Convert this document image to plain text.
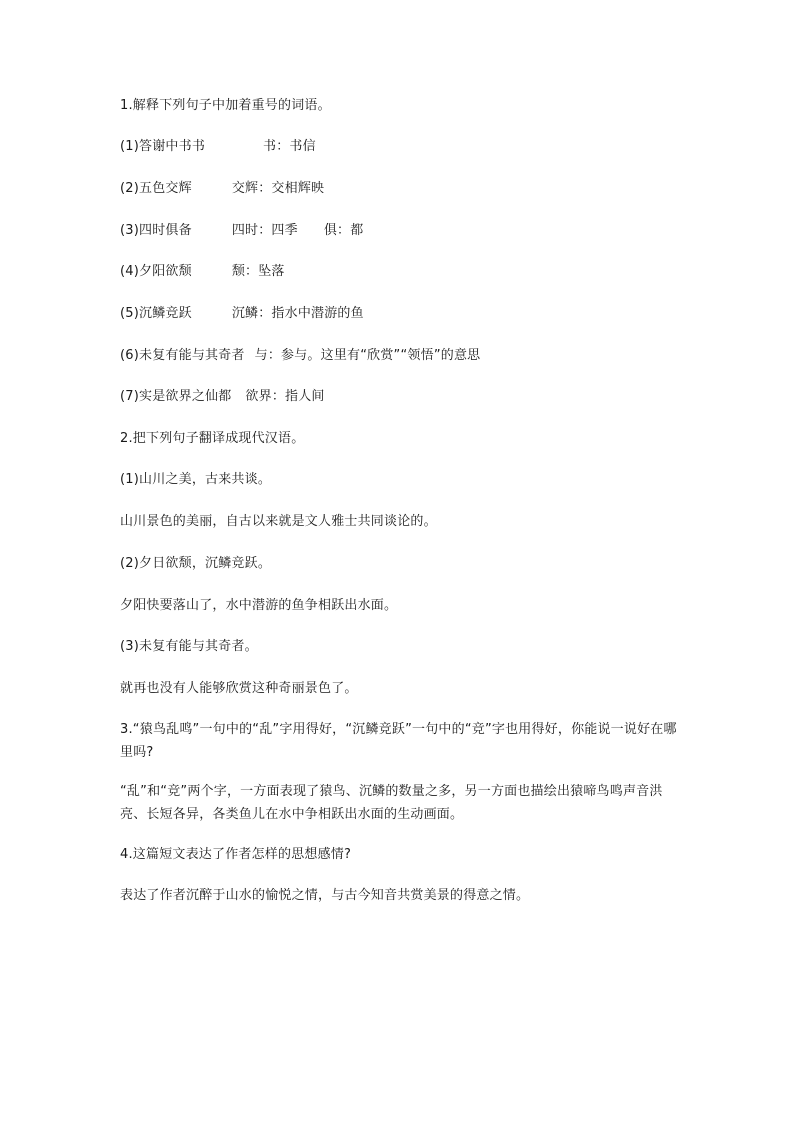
1.解释下列句子中加着重号的词语。
(1)答谢中书书	书：书信
(2)五色交辉	交辉：交相辉映
(3)四时俱备	四时：四季 俱：都
(4)夕阳欲颓	颓：坠落
(5)沉鳞竞跃	沉鳞：指水中潜游的鱼
(6)未复有能与其奇者 与：参与。这里有“欣赏”“领悟”的意思
(7)实是欲界之仙都 欲界：指人间
2.把下列句子翻译成现代汉语。
(1)山川之美，古来共谈。
山川景色的美丽，自古以来就是文人雅士共同谈论的。
(2)夕日欲颓，沉鳞竞跃。
夕阳快要落山了，水中潜游的鱼争相跃出水面。
(3)未复有能与其奇者。
就再也没有人能够欣赏这种奇丽景色了。
3.“猿鸟乱鸣”一句中的“乱”字用得好，“沉鳞竞跃”一句中的“竞”字也用得好，你能说一说好在哪里吗?
“乱”和“竞”两个字，一方面表现了猿鸟、沉鳞的数量之多，另一方面也描绘出猿啼鸟鸣声音洪亮、长短各异，各类鱼儿在水中争相跃出水面的生动画面。
4.这篇短文表达了作者怎样的思想感情?
表达了作者沉醉于山水的愉悦之情，与古今知音共赏美景的得意之情。
